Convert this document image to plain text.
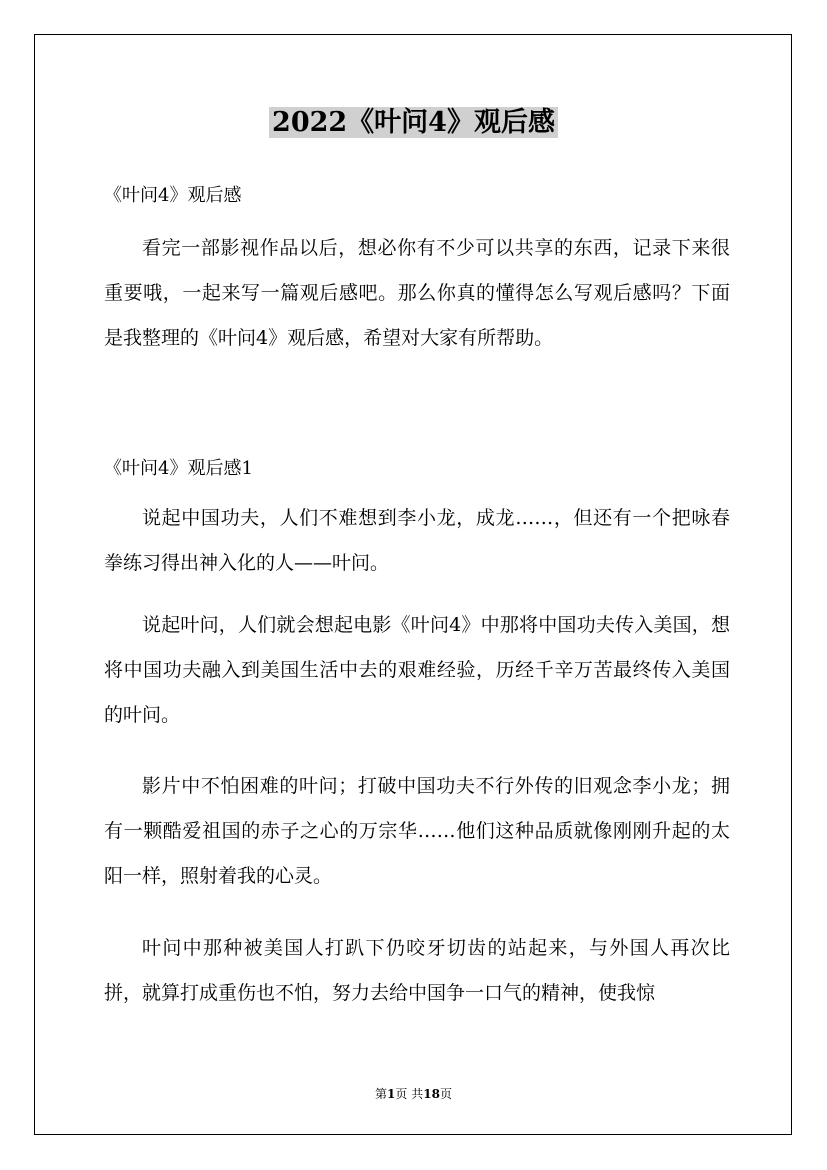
2022《叶问4》观后感
《叶问4》观后感
看完一部影视作品以后，想必你有不少可以共享的东西，记录下来很重要哦，一起来写一篇观后感吧。那么你真的懂得怎么写观后感吗？下面是我整理的《叶问4》观后感，希望对大家有所帮助。
《叶问4》观后感1
说起中国功夫，人们不难想到李小龙，成龙……，但还有一个把咏春拳练习得出神入化的人——叶问。
说起叶问，人们就会想起电影《叶问4》中那将中国功夫传入美国，想将中国功夫融入到美国生活中去的艰难经验，历经千辛万苦最终传入美国的叶问。
影片中不怕困难的叶问；打破中国功夫不行外传的旧观念李小龙；拥有一颗酷爱祖国的赤子之心的万宗华……他们这种品质就像刚刚升起的太阳一样，照射着我的心灵。
叶问中那种被美国人打趴下仍咬牙切齿的站起来，与外国人再次比拼，就算打成重伤也不怕，努力去给中国争一口气的精神，使我惊
第1页 共18页
